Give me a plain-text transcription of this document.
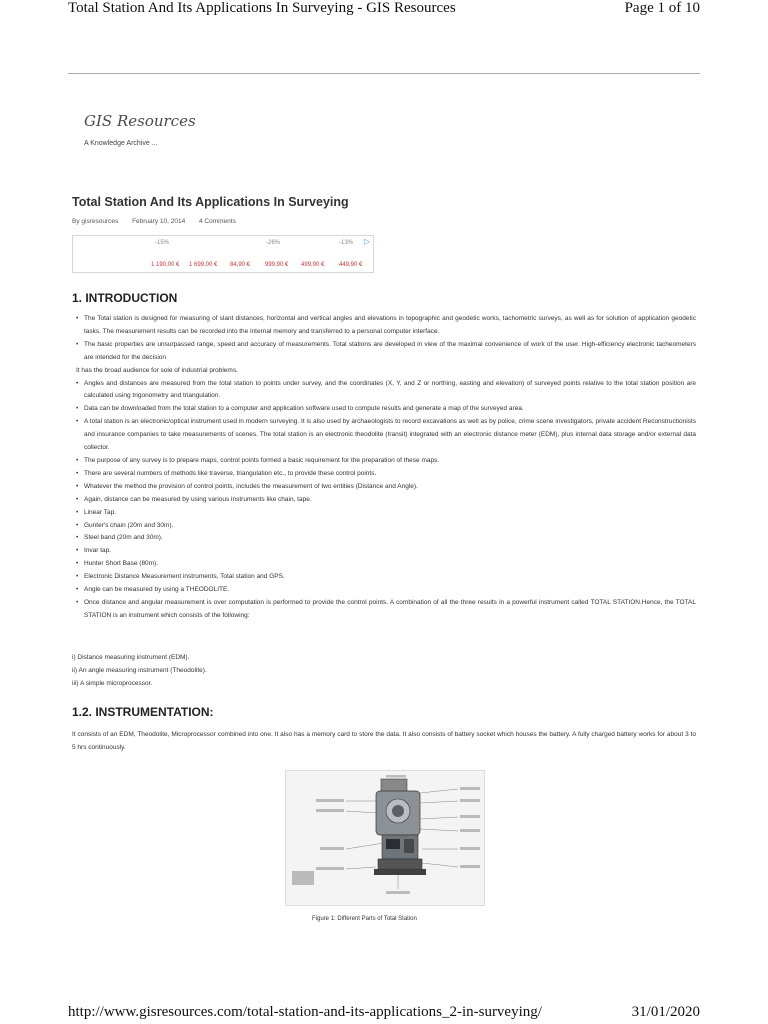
Total Station And Its Applications In Surveying - GIS Resources	Page 1 of 10
GIS Resources
A Knowledge Archive ...
Total Station And Its Applications In Surveying
By gisresources February 10, 2014 4 Comments
-15%	-26%	-13% ▷
1 190,00 € 1 699,00 € 84,90 € 999,90 € 499,90 € 449,90 €
1. INTRODUCTION
• The Total station is designed for measuring of slant distances, horizontal and vertical angles and elevations in topographic and geodetic works, tachometric surveys, as well as for solution of application geodetic tasks. The measurement results can be recorded into the internal memory and transferred to a personal computer interface.
• The basic properties are unsurpassed range, speed and accuracy of measurements. Total stations are developed in view of the maximal convenience of work of the user. High-efficiency electronic tacheometers are intended for the decision
It has the broad audience for sole of industrial problems.
• Angles and distances are measured from the total station to points under survey, and the coordinates (X, Y, and Z or northing, easting and elevation) of surveyed points relative to the total station position are calculated using trigonometry and triangulation.
• Data can be downloaded from the total station to a computer and application software used to compute results and generate a map of the surveyed area.
• A total station is an electronic/optical instrument used in modern surveying. It is also used by archaeologists to record excavations as well as by police, crime scene investigators, private accident Reconstructionists and insurance companies to take measurements of scenes. The total station is an electronic theodolite (transit) integrated with an electronic distance meter (EDM), plus internal data storage and/or external data collector.
• The purpose of any survey is to prepare maps, control points formed a basic requirement for the preparation of these maps.
• There are several numbers of methods like traverse, triangulation etc., to provide these control points.
• Whatever the method the provision of control points, includes the measurement of two entities (Distance and Angle).
• Again, distance can be measured by using various instruments like chain, tape.
• Linear Tap.
• Gunter's chain (20m and 30m).
• Steel band (20m and 30m).
• Invar tap.
• Hunter Short Base (80m).
• Electronic Distance Measurement instruments, Total station and GPS.
• Angle can be measured by using a THEODOLITE.
• Once distance and angular measurement is over computation is performed to provide the control points. A combination of all the three results in a powerful instrument called TOTAL STATION.Hence, the TOTAL STATION is an instrument which consists of the following:
i) Distance measuring instrument (EDM).
ii) An angle measuring instrument (Theodolite).
iii) A simple microprocessor.
1.2. INSTRUMENTATION:
It consists of an EDM, Theodolite, Microprocessor combined into one. It also has a memory card to store the data. It also consists of battery socket which houses the battery. A fully charged battery works for about 3 to 5 hrs continuously.
Figure 1: Different Parts of Total Station
http://www.gisresources.com/total-station-and-its-applications_2-in-surveying/	31/01/2020
